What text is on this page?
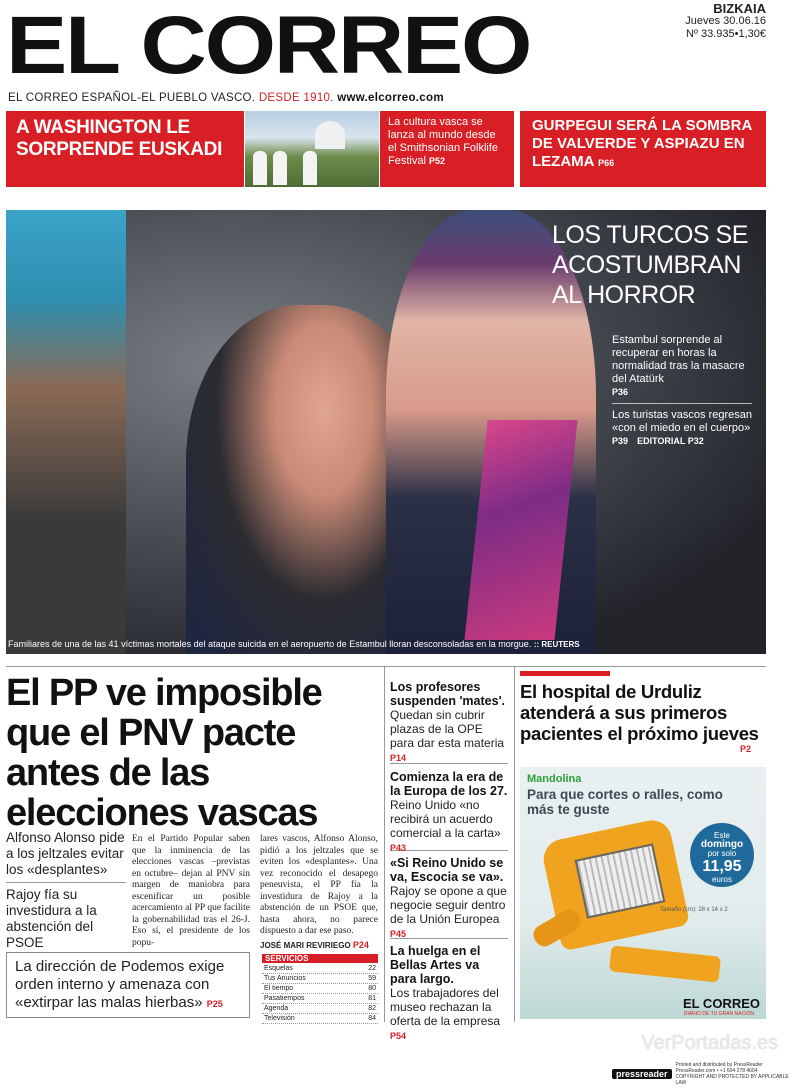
EL CORREO	BIZKAIA
Jueves 30.06.16
Nº 33.935•1,30€
EL CORREO ESPAÑOL-EL PUEBLO VASCO. DESDE 1910. www.elcorreo.com
A WASHINGTON LE
SORPRENDE EUSKADI
La cultura vasca se lanza al mundo desde el Smithsonian Folklife Festival P52
GURPEGUI SERÁ LA SOMBRA DE VALVERDE Y ASPIAZU EN LEZAMA P66
LOS TURCOS SE ACOSTUMBRAN AL HORROR
Estambul sorprende al recuperar en horas la normalidad tras la masacre del Atatürk
P36
Los turistas vascos regresan «con el miedo en el cuerpo»
P39 EDITORIAL P32
Familiares de una de las 41 víctimas mortales del ataque suicida en el aeropuerto de Estambul lloran desconsoladas en la morgue. :: REUTERS
El PP ve imposible que el PNV pacte antes de las elecciones vascas
Alfonso Alonso pide a los jeltzales evitar los «desplantes»
Rajoy fía su investidura a la abstención del PSOE
En el Partido Popular saben que la inminencia de las elecciones vascas –previstas en octubre– dejan al PNV sin margen de maniobra para escenificar un posible acercamiento al PP que facilite la gobernabilidad tras el 26-J. Eso sí, el presidente de los popu-
lares vascos, Alfonso Alonso, pidió a los jeltzales que se eviten los «desplantes». Una vez reconocido el desapego peneuvista, el PP fía la investidura de Rajoy a la abstención de un PSOE que, hasta ahora, no parece dispuesto a dar ese paso.
JOSÉ MARI REVIRIEGO P24
La dirección de Podemos exige orden interno y amenaza con «extirpar las malas hierbas» P25
SERVICIOS
Esquelas	22
Tus Anuncios	59
El tiempo	80
Pasatiempos	81
Agenda	82
Televisión	84
Los profesores suspenden 'mates'.
Quedan sin cubrir plazas de la OPE para dar esta materia P14
Comienza la era de la Europa de los 27.
Reino Unido «no recibirá un acuerdo comercial a la carta» P43
«Si Reino Unido se va, Escocia se va».
Rajoy se opone a que negocie seguir dentro de la Unión Europea P45
La huelga en el Bellas Artes va para largo.
Los trabajadores del museo rechazan la oferta de la empresa P54
El hospital de Urduliz atenderá a sus primeros pacientes el próximo jueves
P2
Mandolina
Para que cortes o ralles, como más te guste
Este
domingo
por solo
11,95
euros
Tamaño (cm): 28 x 14 x 2
EL CORREO
DIARIO DE TU GRAN NACIÓN
VerPortadas.es
pressreader
Printed and distributed by PressReader
PressReader.com • +1 604 278 4604
COPYRIGHT AND PROTECTED BY APPLICABLE LAW
